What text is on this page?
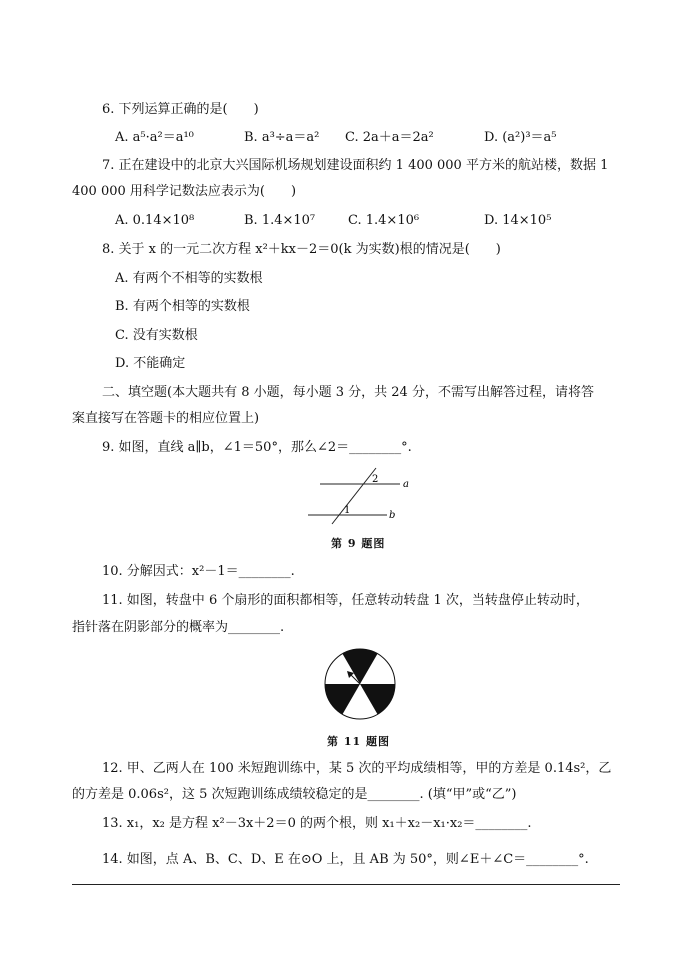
6. 下列运算正确的是(　　)
A. a⁵·a²＝a¹⁰	B. a³÷a＝a² C. 2a＋a＝2a²	D. (a²)³＝a⁵
7. 正在建设中的北京大兴国际机场规划建设面积约 1 400 000 平方米的航站楼，数据 1
400 000 用科学记数法应表示为(　　)
A. 0.14×10⁸	B. 1.4×10⁷	C. 1.4×10⁶	D. 14×10⁵
8. 关于 x 的一元二次方程 x²＋kx－2＝0(k 为实数)根的情况是(　　)
A. 有两个不相等的实数根
B. 有两个相等的实数根
C. 没有实数根
D. 不能确定
二、填空题(本大题共有 8 小题，每小题 3 分，共 24 分，不需写出解答过程，请将答
案直接写在答题卡的相应位置上)
9. 如图，直线 a∥b，∠1＝50°，那么∠2＝________°.
2 a
1	b
第 9 题图
10. 分解因式：x²－1＝________.
11. 如图，转盘中 6 个扇形的面积都相等，任意转动转盘 1 次，当转盘停止转动时，
指针落在阴影部分的概率为________.
第 11 题图
12. 甲、乙两人在 100 米短跑训练中，某 5 次的平均成绩相等，甲的方差是 0.14s²，乙
的方差是 0.06s²，这 5 次短跑训练成绩较稳定的是________. (填“甲”或“乙”)
13. x₁，x₂ 是方程 x²－3x＋2＝0 的两个根，则 x₁＋x₂－x₁·x₂＝________.
14. 如图，点 A、B、C、D、E 在⊙O 上，且 AB 为 50°，则∠E＋∠C＝________°.
